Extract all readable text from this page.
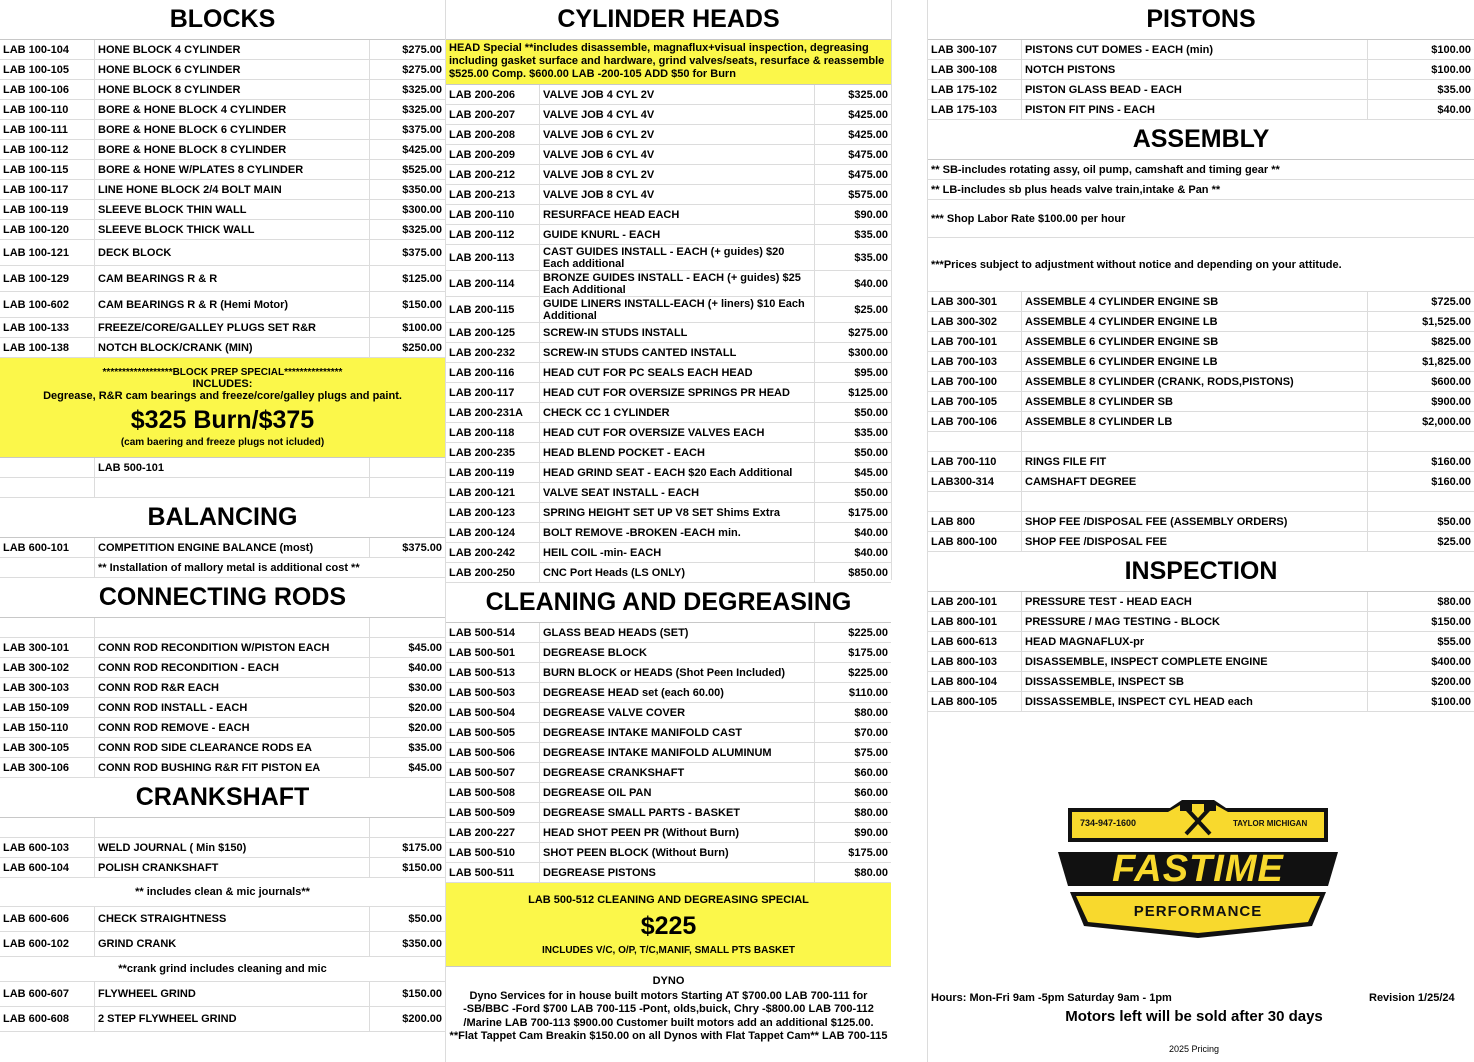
BLOCKS
LAB 100-104	HONE BLOCK 4 CYLINDER	$275.00
LAB 100-105	HONE BLOCK 6 CYLINDER	$275.00
LAB 100-106	HONE BLOCK 8 CYLINDER	$325.00
LAB 100-110	BORE & HONE BLOCK 4 CYLINDER	$325.00
LAB 100-111	BORE & HONE BLOCK 6 CYLINDER	$375.00
LAB 100-112	BORE & HONE BLOCK 8 CYLINDER	$425.00
LAB 100-115	BORE & HONE W/PLATES 8 CYLINDER	$525.00
LAB 100-117	LINE HONE BLOCK 2/4 BOLT MAIN	$350.00
LAB 100-119	SLEEVE BLOCK THIN WALL	$300.00
LAB 100-120	SLEEVE BLOCK THICK WALL	$325.00
LAB 100-121	DECK BLOCK	$375.00
LAB 100-129	CAM BEARINGS R & R	$125.00
LAB 100-602	CAM BEARINGS R & R (Hemi Motor)	$150.00
LAB 100-133	FREEZE/CORE/GALLEY PLUGS SET R&R	$100.00
LAB 100-138	NOTCH BLOCK/CRANK (MIN)	$250.00
******************BLOCK PREP SPECIAL***************
INCLUDES:
Degrease, R&R cam bearings and freeze/core/galley plugs and paint.
$325 Burn/$375
(cam baering and freeze plugs not icluded)
LAB 500-101
BALANCING
LAB 600-101	COMPETITION ENGINE BALANCE (most)	$375.00
** Installation of mallory metal is additional cost **
CONNECTING RODS
LAB 300-101	CONN ROD RECONDITION W/PISTON EACH	$45.00
LAB 300-102	CONN ROD RECONDITION - EACH	$40.00
LAB 300-103	CONN ROD R&R EACH	$30.00
LAB 150-109	CONN ROD INSTALL - EACH	$20.00
LAB 150-110	CONN ROD REMOVE - EACH	$20.00
LAB 300-105	CONN ROD SIDE CLEARANCE RODS EA	$35.00
LAB 300-106	CONN ROD BUSHING R&R FIT PISTON EA	$45.00
CRANKSHAFT
LAB 600-103	WELD JOURNAL ( Min $150)	$175.00
LAB 600-104	POLISH CRANKSHAFT	$150.00
** includes clean & mic journals**
LAB 600-606	CHECK STRAIGHTNESS	$50.00
LAB 600-102	GRIND CRANK	$350.00
**crank grind includes cleaning and mic
LAB 600-607	FLYWHEEL GRIND	$150.00
LAB 600-608	2 STEP FLYWHEEL GRIND	$200.00
CYLINDER HEADS
HEAD Special **includes disassemble, magnaflux+visual inspection, degreasing
including gasket surface and hardware, grind valves/seats, resurface & reassemble
$525.00 Comp. $600.00 LAB -200-105 ADD $50 for Burn
LAB 200-206	VALVE JOB 4 CYL 2V	$325.00
LAB 200-207	VALVE JOB 4 CYL 4V	$425.00
LAB 200-208	VALVE JOB 6 CYL 2V	$425.00
LAB 200-209	VALVE JOB 6 CYL 4V	$475.00
LAB 200-212	VALVE JOB 8 CYL 2V	$475.00
LAB 200-213	VALVE JOB 8 CYL 4V	$575.00
LAB 200-110	RESURFACE HEAD EACH	$90.00
LAB 200-112	GUIDE KNURL - EACH	$35.00
LAB 200-113	CAST GUIDES INSTALL - EACH (+ guides) $20
Each additional	$35.00
LAB 200-114	BRONZE GUIDES INSTALL - EACH (+ guides) $25
Each Additional	$40.00
LAB 200-115	GUIDE LINERS INSTALL-EACH (+ liners) $10 Each
Additional	$25.00
LAB 200-125	SCREW-IN STUDS INSTALL	$275.00
LAB 200-232	SCREW-IN STUDS CANTED INSTALL	$300.00
LAB 200-116	HEAD CUT FOR PC SEALS EACH HEAD	$95.00
LAB 200-117	HEAD CUT FOR OVERSIZE SPRINGS PR HEAD	$125.00
LAB 200-231A	CHECK CC 1 CYLINDER	$50.00
LAB 200-118	HEAD CUT FOR OVERSIZE VALVES EACH	$35.00
LAB 200-235	HEAD BLEND POCKET - EACH	$50.00
LAB 200-119	HEAD GRIND SEAT - EACH $20 Each Additional	$45.00
LAB 200-121	VALVE SEAT INSTALL - EACH	$50.00
LAB 200-123	SPRING HEIGHT SET UP V8 SET Shims Extra	$175.00
LAB 200-124	BOLT REMOVE -BROKEN -EACH min.	$40.00
LAB 200-242	HEIL COIL -min- EACH	$40.00
LAB 200-250	CNC Port Heads (LS ONLY)	$850.00
CLEANING AND DEGREASING
LAB 500-514	GLASS BEAD HEADS (SET)	$225.00
LAB 500-501	DEGREASE BLOCK	$175.00
LAB 500-513	BURN BLOCK or HEADS (Shot Peen Included)	$225.00
LAB 500-503	DEGREASE HEAD set (each 60.00)	$110.00
LAB 500-504	DEGREASE VALVE COVER	$80.00
LAB 500-505	DEGREASE INTAKE MANIFOLD CAST	$70.00
LAB 500-506	DEGREASE INTAKE MANIFOLD ALUMINUM	$75.00
LAB 500-507	DEGREASE CRANKSHAFT	$60.00
LAB 500-508	DEGREASE OIL PAN	$60.00
LAB 500-509	DEGREASE SMALL PARTS - BASKET	$80.00
LAB 200-227	HEAD SHOT PEEN PR (Without Burn)	$90.00
LAB 500-510	SHOT PEEN BLOCK (Without Burn)	$175.00
LAB 500-511	DEGREASE PISTONS	$80.00
LAB 500-512 CLEANING AND DEGREASING SPECIAL
$225
INCLUDES V/C, O/P, T/C,MANIF, SMALL PTS BASKET
DYNO
Dyno Services for in house built motors Starting AT $700.00 LAB 700-111 for
-SB/BBC -Ford $700 LAB 700-115 -Pont, olds,buick, Chry -$800.00 LAB 700-112
/Marine LAB 700-113 $900.00 Customer built motors add an additional $125.00.
**Flat Tappet Cam Breakin $150.00 on all Dynos with Flat Tappet Cam** LAB 700-115
PISTONS
LAB 300-107	PISTONS CUT DOMES - EACH (min)	$100.00
LAB 300-108	NOTCH PISTONS	$100.00
LAB 175-102	PISTON GLASS BEAD - EACH	$35.00
LAB 175-103	PISTON FIT PINS - EACH	$40.00
ASSEMBLY
** SB-includes rotating assy, oil pump, camshaft and timing gear **
** LB-includes sb plus heads valve train,intake & Pan **
*** Shop Labor Rate $100.00 per hour
***Prices subject to adjustment without notice and depending on your attitude.
LAB 300-301	ASSEMBLE 4 CYLINDER ENGINE SB	$725.00
LAB 300-302	ASSEMBLE 4 CYLINDER ENGINE LB	$1,525.00
LAB 700-101	ASSEMBLE 6 CYLINDER ENGINE SB	$825.00
LAB 700-103	ASSEMBLE 6 CYLINDER ENGINE LB	$1,825.00
LAB 700-100	ASSEMBLE 8 CYLINDER (CRANK, RODS,PISTONS)	$600.00
LAB 700-105	ASSEMBLE 8 CYLINDER SB	$900.00
LAB 700-106	ASSEMBLE 8 CYLINDER LB	$2,000.00
LAB 700-110	RINGS FILE FIT	$160.00
LAB300-314	CAMSHAFT DEGREE	$160.00
LAB 800	SHOP FEE /DISPOSAL FEE (ASSEMBLY ORDERS)	$50.00
LAB 800-100	SHOP FEE /DISPOSAL FEE	$25.00
INSPECTION
LAB 200-101	PRESSURE TEST - HEAD EACH	$80.00
LAB 800-101	PRESSURE / MAG TESTING - BLOCK	$150.00
LAB 600-613	HEAD MAGNAFLUX-pr	$55.00
LAB 800-103	DISASSEMBLE, INSPECT COMPLETE ENGINE	$400.00
LAB 800-104	DISSASSEMBLE, INSPECT SB	$200.00
LAB 800-105	DISSASSEMBLE, INSPECT CYL HEAD each	$100.00
734-947-1600	TAYLOR MICHIGAN
FASTIME
PERFORMANCE
Hours: Mon-Fri 9am -5pm Saturday 9am - 1pm	Revision 1/25/24
Motors left will be sold after 30 days
2025 Pricing
